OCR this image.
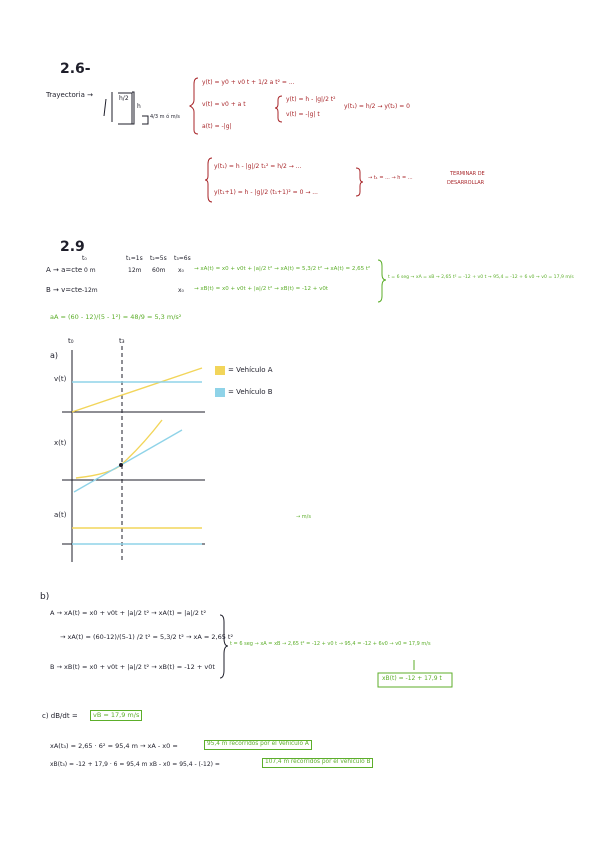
2.6-
Trayectoria →	h/2
h
4/3 m ó m/s
y(t) = y0 + v0 t + 1/2 a t² = ...
v(t) = v0 + a t
a(t) = -|g|
y(t) = h - |g|/2 t²
v(t) = -|g| t
y(t₁) = h/2 → y(t₂) = 0
y(t₁) = h - |g|/2 t₁² = h/2 → ...
y(t₁+1) = h - |g|/2 (t₁+1)² = 0 → ...
→ t₁ = ... → h = ...
TERMINAR DE
DESARROLLAR
2.9
t₀	t₁=1s t₂=5s t₃=6s
A → a=cte 0 m	12m 60m x₀
B → v=cte -12m	x₀
→ xA(t) = x0 + v0t + |a|/2 t² → xA(t) = 5,3/2 t² → xA(t) = 2,65 t²
→ xB(t) = x0 + v0t + |a|/2 t² → xB(t) = -12 + v0t
t = 6 seg → xA = xB → 2,65 t² = -12 + v0 t → 95,4 = -12 + 6 v0 → v0 = 17,9 m/s
aA = (60 - 12)/(5 - 1²) = 48/9 = 5,3 m/s²
a)
t₀	t₃
v(t)
x(t)
a(t)
= Vehículo A
= Vehículo B
→ m/s
b)
A → xA(t) = x0 + v0t + |a|/2 t² → xA(t) = |a|/2 t²
→ xA(t) = (60-12)/(5-1) /2 t² = 5,3/2 t² → xA = 2,65 t²
B → xB(t) = x0 + v0t + |a|/2 t² → xB(t) = -12 + v0t
t = 6 seg → xA = xB → 2,65 t² = -12 + v0 t → 95,4 = -12 + 6v0 → v0 = 17,9 m/s
xB(t) = -12 + 17,9 t
c) dB/dt =	vB = 17,9 m/s
xA(t₃) = 2,65 · 6² = 95,4 m → xA - x0 =	95,4 m recorridos por el Vehículo A
xB(t₃) = -12 + 17,9 · 6 = 95,4 m xB - x0 = 95,4 - (-12) =	107,4 m recorridos por el vehículo B
